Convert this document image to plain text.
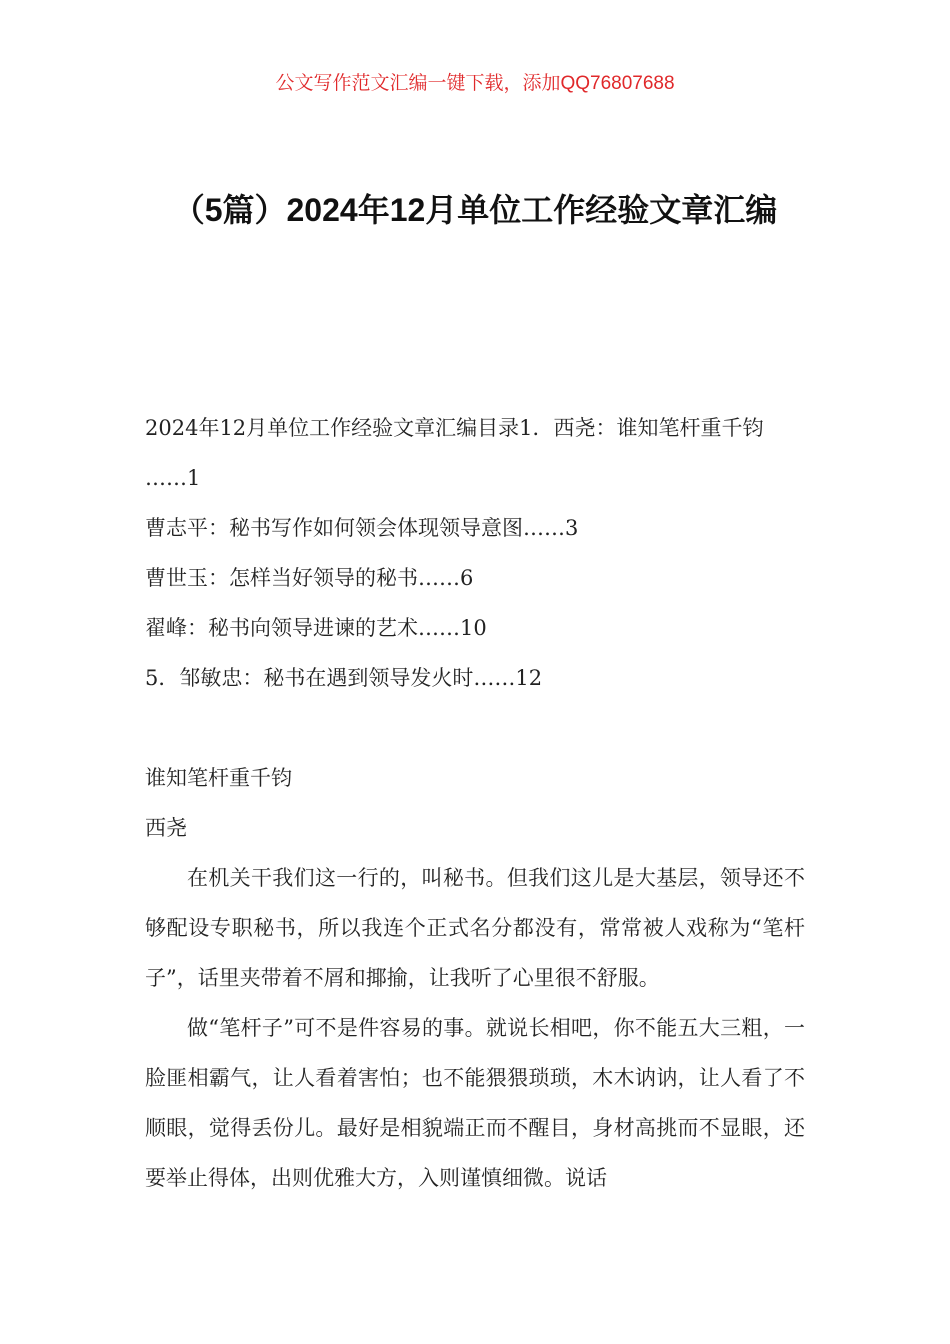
公文写作范文汇编一键下载，添加QQ76807688
（5篇）2024年12月单位工作经验文章汇编
2024年12月单位工作经验文章汇编目录1．西尧：谁知笔杆重千钧
……1
曹志平：秘书写作如何领会体现领导意图……3
曹世玉：怎样当好领导的秘书……6
翟峰：秘书向领导进谏的艺术……10
5．邹敏忠：秘书在遇到领导发火时……12
谁知笔杆重千钧
西尧
在机关干我们这一行的，叫秘书。但我们这儿是大基层，领导还不够配设专职秘书，所以我连个正式名分都没有，常常被人戏称为“笔杆子”，话里夹带着不屑和揶揄，让我听了心里很不舒服。
做“笔杆子”可不是件容易的事。就说长相吧，你不能五大三粗，一脸匪相霸气，让人看着害怕；也不能猥猥琐琐，木木讷讷，让人看了不顺眼，觉得丢份儿。最好是相貌端正而不醒目，身材高挑而不显眼，还要举止得体，出则优雅大方，入则谨慎细微。说话
